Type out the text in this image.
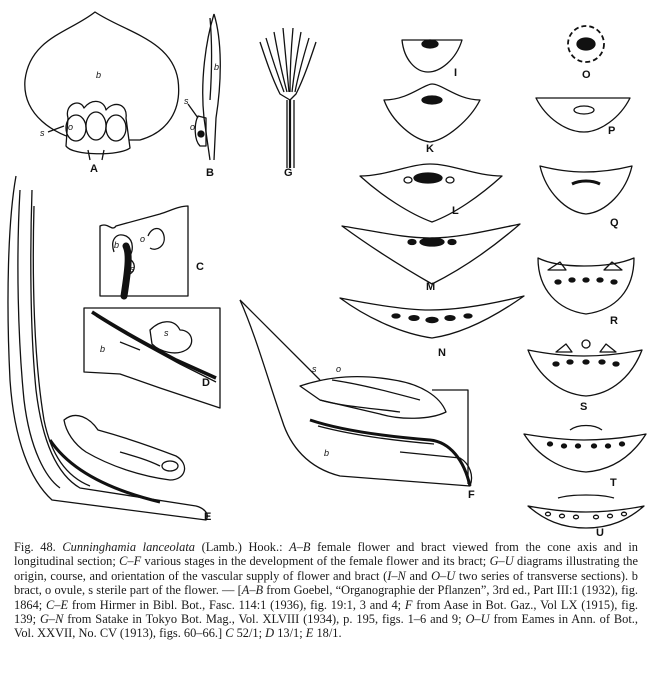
A	B
C
D
E
F
G
I
K
L
M
N
O
P
Q
R
S
T
U
b
o
s
b
s
o
b
o
s
s
b
s o
b
Fig. 48. Cunninghamia lanceolata (Lamb.) Hook.: A–B female flower and bract viewed from the cone axis and in longitudinal section; C–F various stages in the development of the female flower and its bract; G–U diagrams illustrating the origin, course, and orientation of the vascular supply of flower and bract (I–N and O–U two series of transverse sections). b bract, o ovule, s sterile part of the flower. — [A–B from Goebel, “Organographie der Pflanzen”, 3rd ed., Part III:1 (1932), fig. 1864; C–E from Hirmer in Bibl. Bot., Fasc. 114:1 (1936), fig. 19:1, 3 and 4; F from Aase in Bot. Gaz., Vol LX (1915), fig. 139; G–N from Satake in Tokyo Bot. Mag., Vol. XLVIII (1934), p. 195, figs. 1–6 and 9; O–U from Eames in Ann. of Bot., Vol. XXVII, No. CV (1913), figs. 60–66.] C 52/1; D 13/1; E 18/1.
